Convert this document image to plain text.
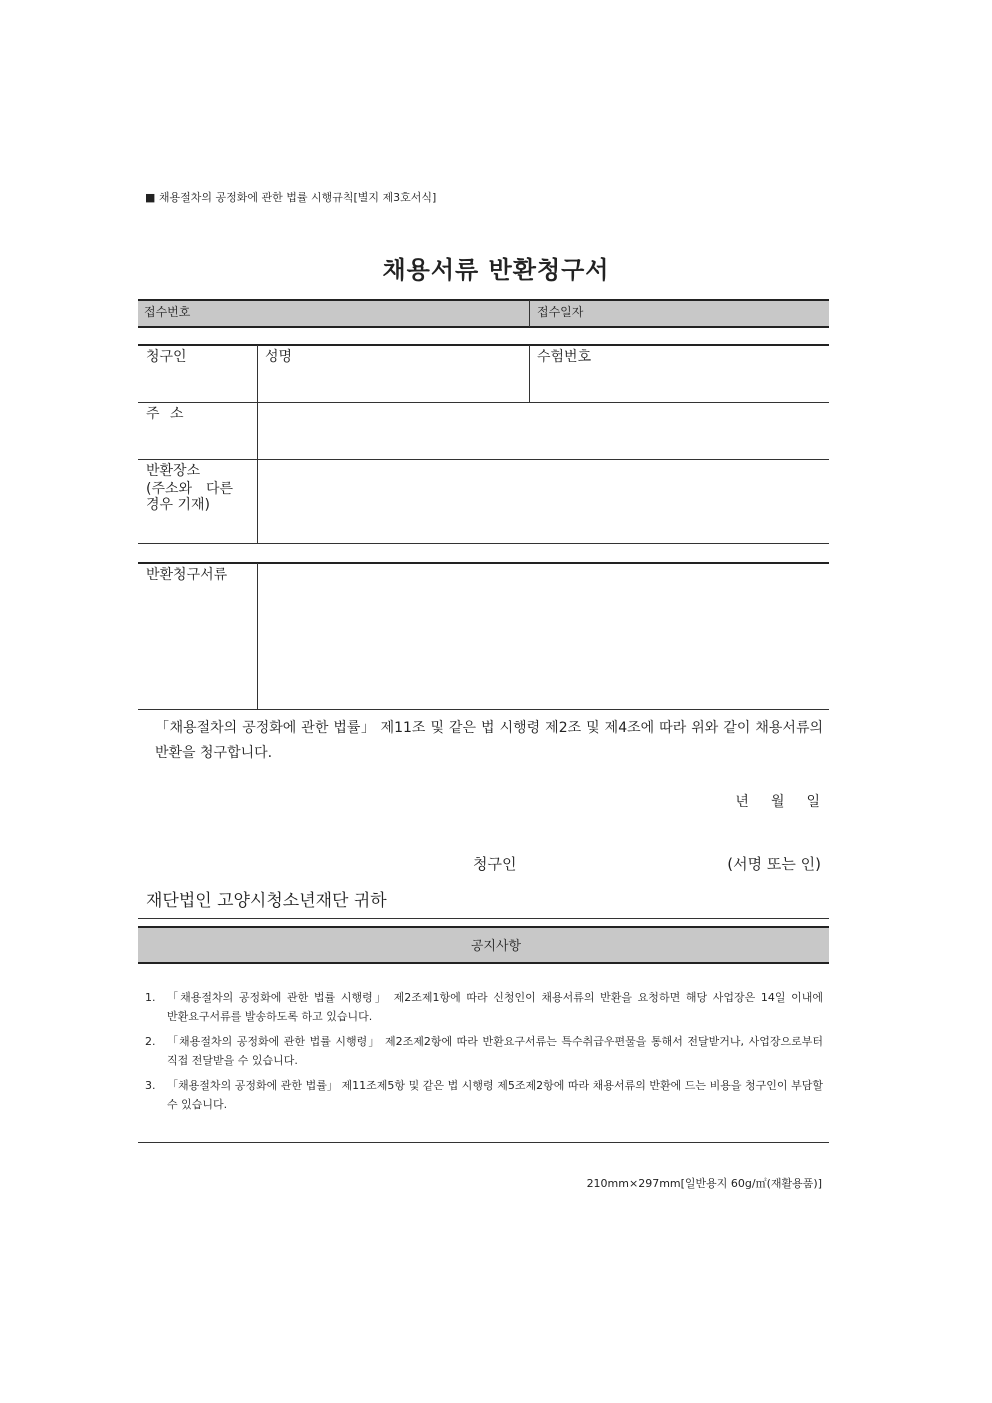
■ 채용절차의 공정화에 관한 법률 시행규칙[별지 제3호서식]
채용서류 반환청구서
접수번호	접수일자
청구인	성명	수험번호
주 소
반환장소
(주소와 다른
경우 기재)
반환청구서류
「채용절차의 공정화에 관한 법률」 제11조 및 같은 법 시행령 제2조 및 제4조에 따라 위와 같이 채용서류의 반환을 청구합니다.
년 월 일
청구인	(서명 또는 인)
재단법인 고양시청소년재단 귀하
공지사항
1.	「채용절차의 공정화에 관한 법률 시행령」 제2조제1항에 따라 신청인이 채용서류의 반환을 요청하면 해당 사업장은 14일 이내에 반환요구서류를 발송하도록 하고 있습니다.
2.	「채용절차의 공정화에 관한 법률 시행령」 제2조제2항에 따라 반환요구서류는 특수취급우편물을 통해서 전달받거나, 사업장으로부터 직접 전달받을 수 있습니다.
3.	「채용절차의 공정화에 관한 법률」 제11조제5항 및 같은 법 시행령 제5조제2항에 따라 채용서류의 반환에 드는 비용을 청구인이 부담할 수 있습니다.
210mm×297mm[일반용지 60g/㎡(재활용품)]
